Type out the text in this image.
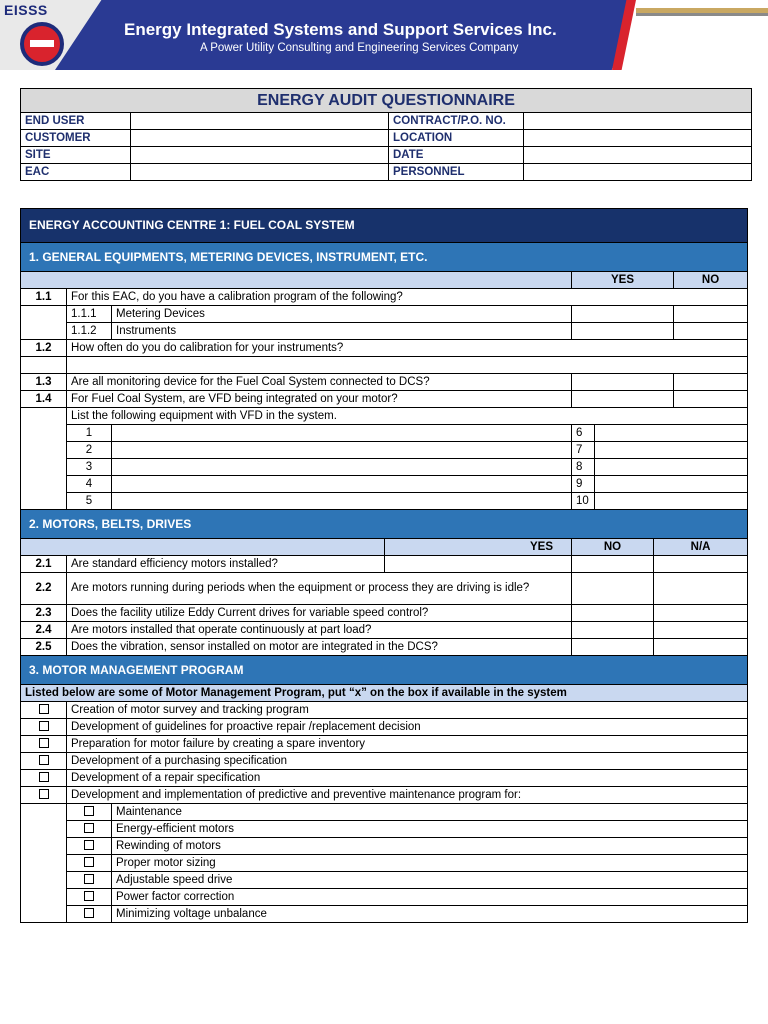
EISSS
Energy Integrated Systems and Support Services Inc.
A Power Utility Consulting and Engineering Services Company
ENERGY AUDIT QUESTIONNAIRE			
END USER		CONTRACT/P.O. NO.	
CUSTOMER		LOCATION	
SITE		DATE	
EAC		PERSONNEL	
ENERGY ACCOUNTING CENTRE 1: FUEL COAL SYSTEM							
1. GENERAL EQUIPMENTS, METERING DEVICES, INSTRUMENT, ETC.							
				YES			NO
1.1	For this EAC, do you have a calibration program of the following?						
	1.1.1	Metering Devices					
	1.1.2	Instruments					
1.2	How often do you do calibration for your instruments?						

1.3	Are all monitoring device for the Fuel Coal System connected to DCS?						
1.4	For Fuel Coal System, are VFD being integrated on your motor?						
	List the following equipment with VFD in the system.						
	1			6			
	2			7			
	3			8			
	4			9			
	5			10			
2. MOTORS, BELTS, DRIVES							
			YES	NO		N/A	
2.1	Are standard efficiency motors installed?						
2.2	Are motors running during periods when the equipment or process they are driving is idle?						
2.3	Does the facility utilize Eddy Current drives for variable speed control?						
2.4	Are motors installed that operate continuously at part load?						
2.5	Does the vibration, sensor installed on motor are integrated in the DCS?						
3. MOTOR MANAGEMENT PROGRAM							
Listed below are some of Motor Management Program, put “x” on the box if available in the system							
	Creation of motor survey and tracking program						
	Development of guidelines for proactive repair /replacement decision						
	Preparation for motor failure by creating a spare inventory						
	Development of a purchasing specification						
	Development of a repair specification						
	Development and implementation of predictive and preventive maintenance program for:						
		Maintenance					
		Energy-efficient motors					
		Rewinding of motors					
		Proper motor sizing					
		Adjustable speed drive					
		Power factor correction					
		Minimizing voltage unbalance					
